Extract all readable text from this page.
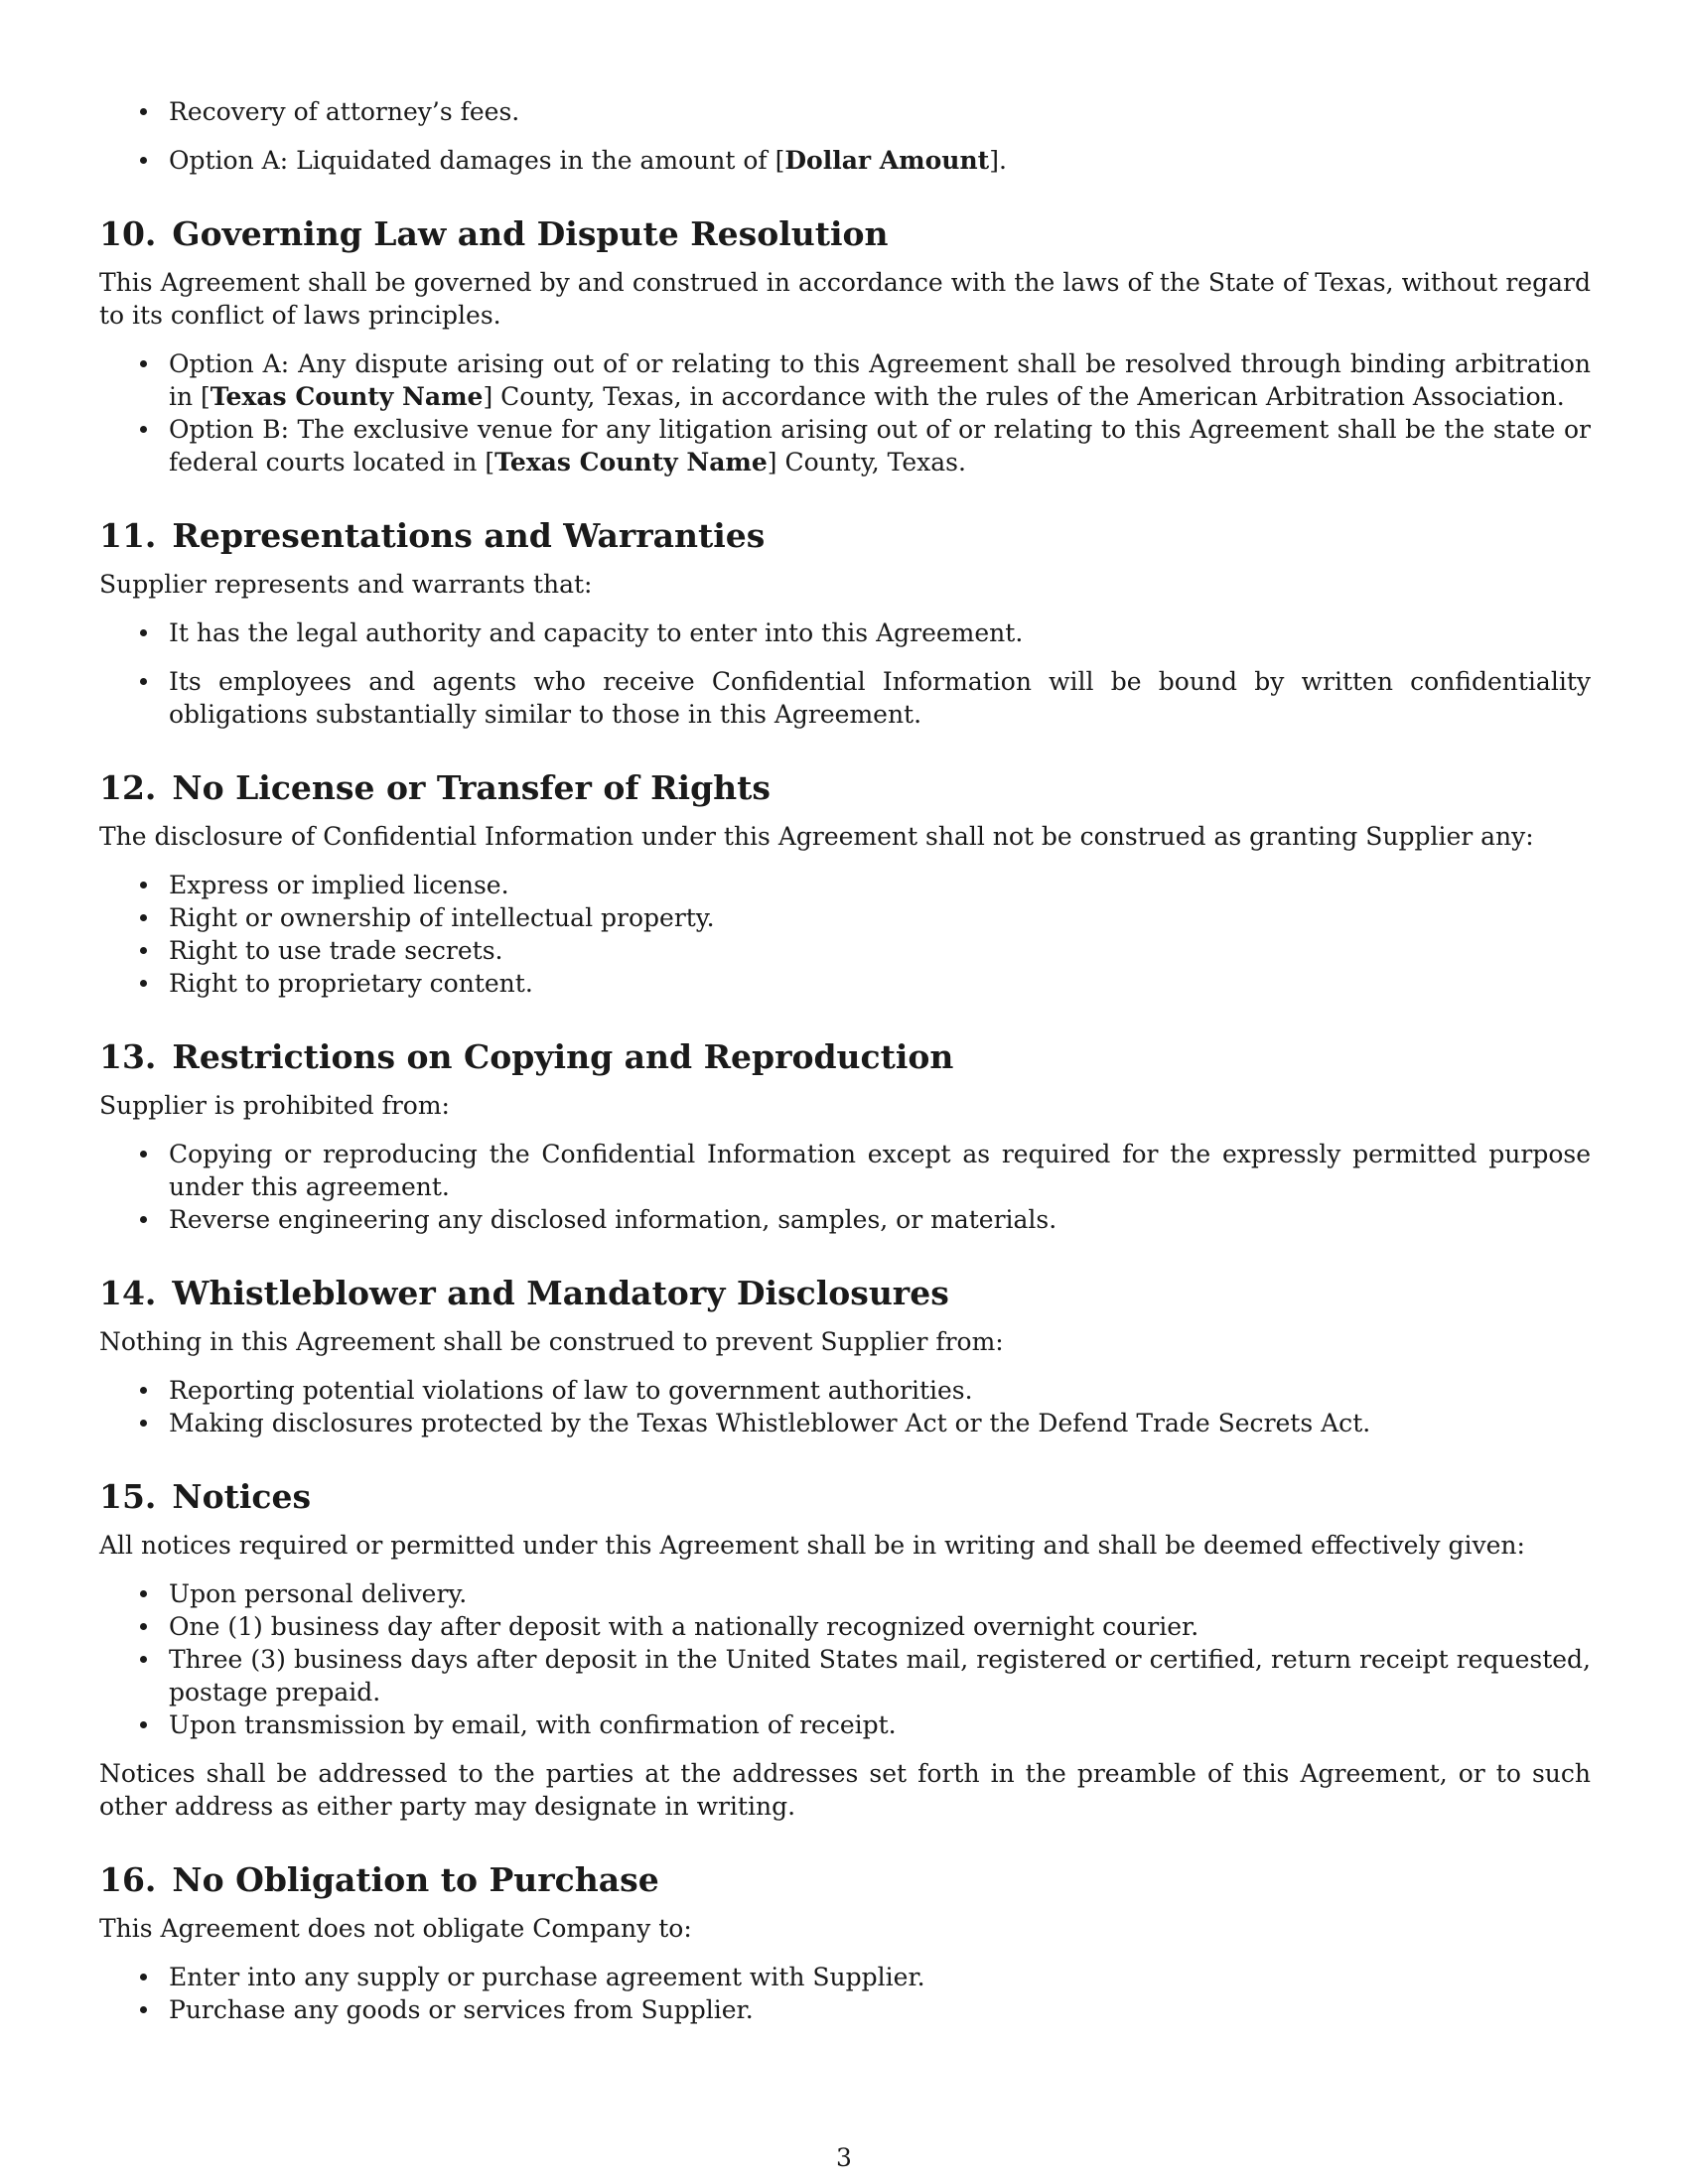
Recovery of attorney’s fees.
Option A: Liquidated damages in the amount of [Dollar Amount].
10. Governing Law and Dispute Resolution

This Agreement shall be governed by and construed in accordance with the laws of the State of Texas, without regard to its conflict of laws principles.

Option A: Any dispute arising out of or relating to this Agreement shall be resolved through binding arbitration in [Texas County Name] County, Texas, in accordance with the rules of the American Arbitration Association.
Option B: The exclusive venue for any litigation arising out of or relating to this Agreement shall be the state or federal courts located in [Texas County Name] County, Texas.
11. Representations and Warranties

Supplier represents and warrants that:

It has the legal authority and capacity to enter into this Agreement.
Its employees and agents who receive Confidential Information will be bound by written confidentiality obligations substantially similar to those in this Agreement.
12. No License or Transfer of Rights

The disclosure of Confidential Information under this Agreement shall not be construed as granting Supplier any:

Express or implied license.
Right or ownership of intellectual property.
Right to use trade secrets.
Right to proprietary content.
13. Restrictions on Copying and Reproduction

Supplier is prohibited from:

Copying or reproducing the Confidential Information except as required for the expressly permitted purpose under this agreement.
Reverse engineering any disclosed information, samples, or materials.
14. Whistleblower and Mandatory Disclosures

Nothing in this Agreement shall be construed to prevent Supplier from:

Reporting potential violations of law to government authorities.
Making disclosures protected by the Texas Whistleblower Act or the Defend Trade Secrets Act.
15. Notices

All notices required or permitted under this Agreement shall be in writing and shall be deemed effectively given:

Upon personal delivery.
One (1) business day after deposit with a nationally recognized overnight courier.
Three (3) business days after deposit in the United States mail, registered or certified, return receipt requested, postage prepaid.
Upon transmission by email, with confirmation of receipt.

Notices shall be addressed to the parties at the addresses set forth in the preamble of this Agreement, or to such other address as either party may designate in writing.

16. No Obligation to Purchase

This Agreement does not obligate Company to:

Enter into any supply or purchase agreement with Supplier.
Purchase any goods or services from Supplier.
3
